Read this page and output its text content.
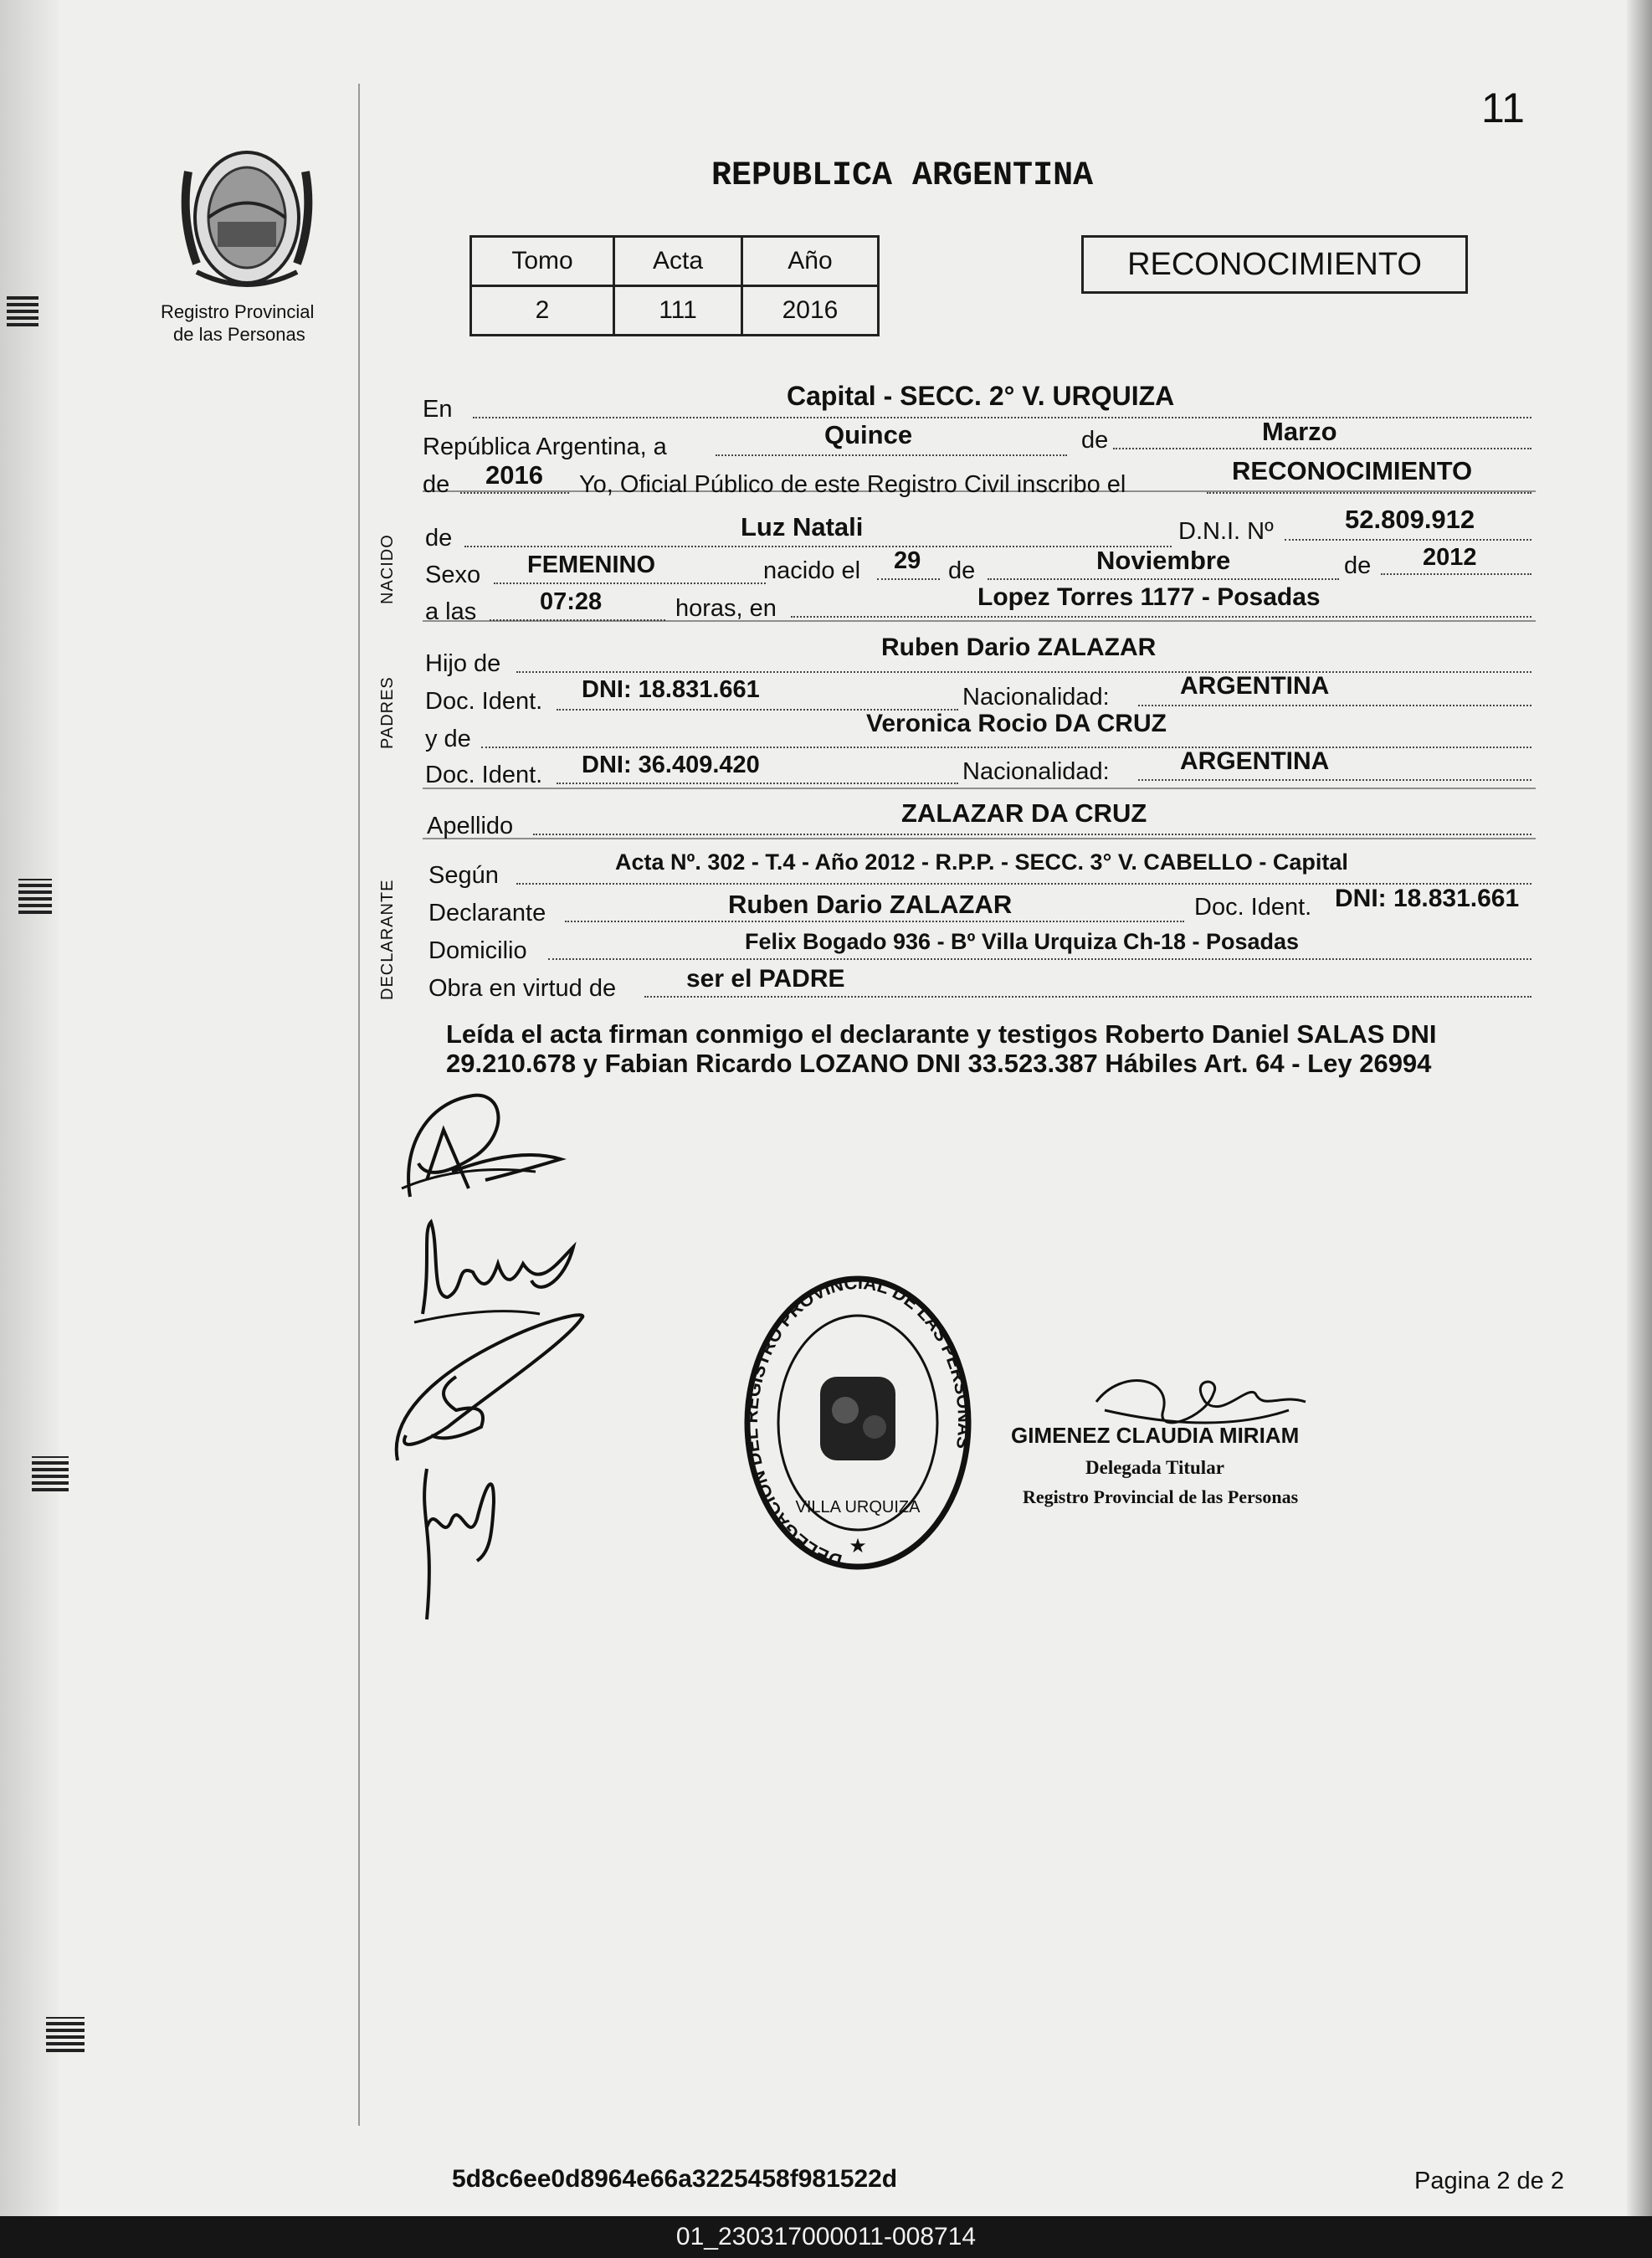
11
Registro Provincial
de las Personas
REPUBLICA ARGENTINA
Tomo	Acta	Año
2	111	2016
RECONOCIMIENTO
NACIDO
PADRES
DECLARANTE
En	Capital - SECC. 2° V. URQUIZA
República Argentina, a	Quince	de	Marzo
de 2016 Yo, Oficial Público de este Registro Civil inscribo el	RECONOCIMIENTO
de	Luz Natali	D.N.I. Nº	52.809.912
Sexo FEMENINO	nacido el 29 de	Noviembre	de 2012
a las	07:28	horas, en	Lopez Torres 1177 - Posadas
Hijo de
Ruben Dario ZALAZAR
Doc. Ident. DNI: 18.831.661	Nacionalidad:	ARGENTINA
y de
Veronica Rocio DA CRUZ
Doc. Ident. DNI: 36.409.420	Nacionalidad:	ARGENTINA
Apellido	ZALAZAR DA CRUZ
Según	Acta Nº. 302 - T.4 - Año 2012 - R.P.P. - SECC. 3° V. CABELLO - Capital
Declarante	Ruben Dario ZALAZAR	Doc. Ident. DNI: 18.831.661
Domicilio	Felix Bogado 936 - Bº Villa Urquiza Ch-18 - Posadas
Obra en virtud de	ser el PADRE
Leída el acta firman conmigo el declarante y testigos Roberto Daniel SALAS DNI
29.210.678 y Fabian Ricardo LOZANO DNI 33.523.387 Hábiles Art. 64 - Ley 26994
DELEGACION DEL REGISTRO PROVINCIAL DE LAS PERSONAS
VILLA URQUIZA
★
GIMENEZ CLAUDIA MIRIAM
Delegada Titular
Registro Provincial de las Personas
5d8c6ee0d8964e66a3225458f981522d	Pagina 2 de 2
01_230317000011-008714
